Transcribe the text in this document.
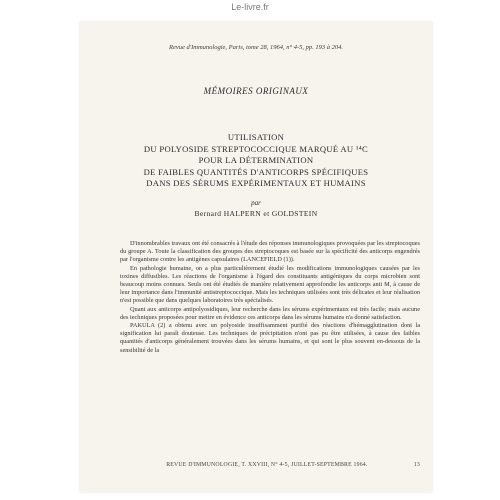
Le-livre.fr
Revue d'Immunologie, Paris, tome 28, 1964, n° 4-5, pp. 193 à 204.
MÉMOIRES ORIGINAUX
UTILISATION
DU POLYOSIDE STREPTOCOCCIQUE MARQUÉ AU ¹⁴C
POUR LA DÉTERMINATION
DE FAIBLES QUANTITÉS D'ANTICORPS SPÉCIFIQUES
DANS DES SÉRUMS EXPÉRIMENTAUX ET HUMAINS
par
Bernard HALPERN et GOLDSTEIN

D'innombrables travaux ont été consacrés à l'étude des réponses immunologiques provoquées par les streptocoques du groupe A. Toute la classification des groupes des streptocoques est basée sur la spécificité des anticorps engendrés par l'organisme contre les antigènes capsulaires (LANCEFIELD (1)).

En pathologie humaine, on a plus particulièrement étudié les modifications immunologiques causées par les toxines diffusibles. Les réactions de l'organisme à l'égard des constituants antigéniques du corps microbien sont beaucoup moins connues. Seuls ont été étudiés de manière relativement approfondie les anticorps anti M, à cause de leur importance dans l'immunité antistreptococcique. Mais les techniques utilisées sont très délicates et leur réalisation n'est possible que dans quelques laboratoires très spécialisés.

Quant aux anticorps antipolyosidiques, leur recherche dans les sérums expérimentaux est très facile; mais aucune des techniques proposées pour mettre en évidence ces anticorps dans les sérums humains n'a donné satisfaction.

PAKULA (2) a obtenu avec un polyoside insuffisamment purifié des réactions d'hémagglutination dont la signification lui paraît douteuse. Les techniques de précipitation n'ont pas pu être utilisées, à cause des faibles quantités d'anticorps généralement trouvées dans les sérums humains, et qui sont le plus souvent en-dessous de la sensibilité de la

REVUE D'IMMUNOLOGIE, T. XXVIII, N° 4-5, JUILLET-SEPTEMBRE 1964.	13
